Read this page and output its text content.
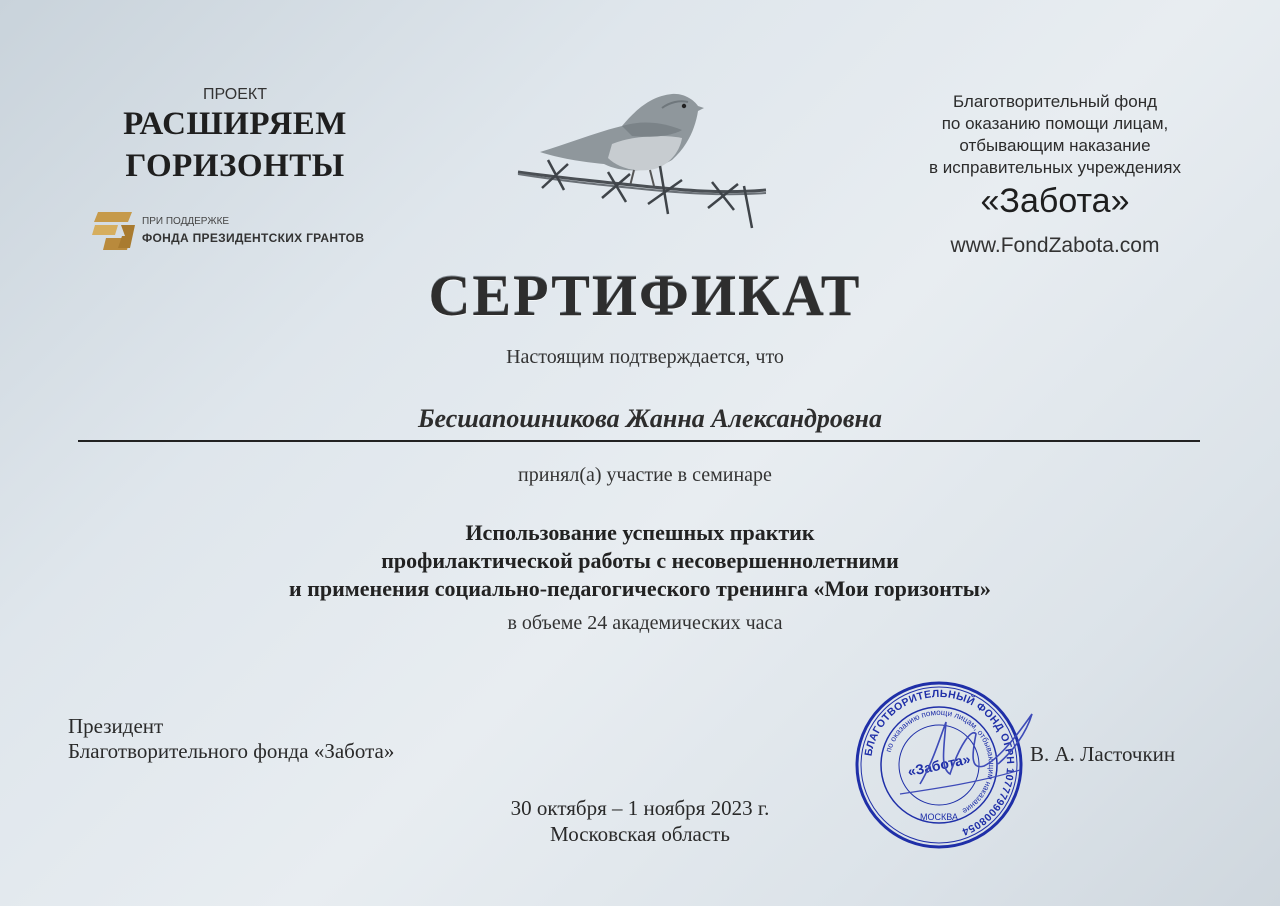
ПРОЕКТ
РАСШИРЯЕМ
ГОРИЗОНТЫ
ПРИ ПОДДЕРЖКЕ
ФОНДА ПРЕЗИДЕНТСКИХ ГРАНТОВ
Благотворительный фонд
по оказанию помощи лицам,
отбывающим наказание
в исправительных учреждениях
«Забота»
www.FondZabota.com
СЕРТИФИКАТ
Настоящим подтверждается, что
Бесшапошникова Жанна Александровна
принял(а) участие в семинаре
Использование успешных практик
профилактической работы с несовершеннолетними
и применения социально-педагогического тренинга «Мои горизонты»
в объеме 24 академических часа
Президент
Благотворительного фонда «Забота»	БЛАГОТВОРИТЕЛЬНЫЙ ФОНД ОГРН 1077799008054
по оказанию помощи лицам, отбывающим наказание
«Забота»
МОСКВА
В. А. Ласточкин
30 октября – 1 ноября 2023 г.
Московская область
